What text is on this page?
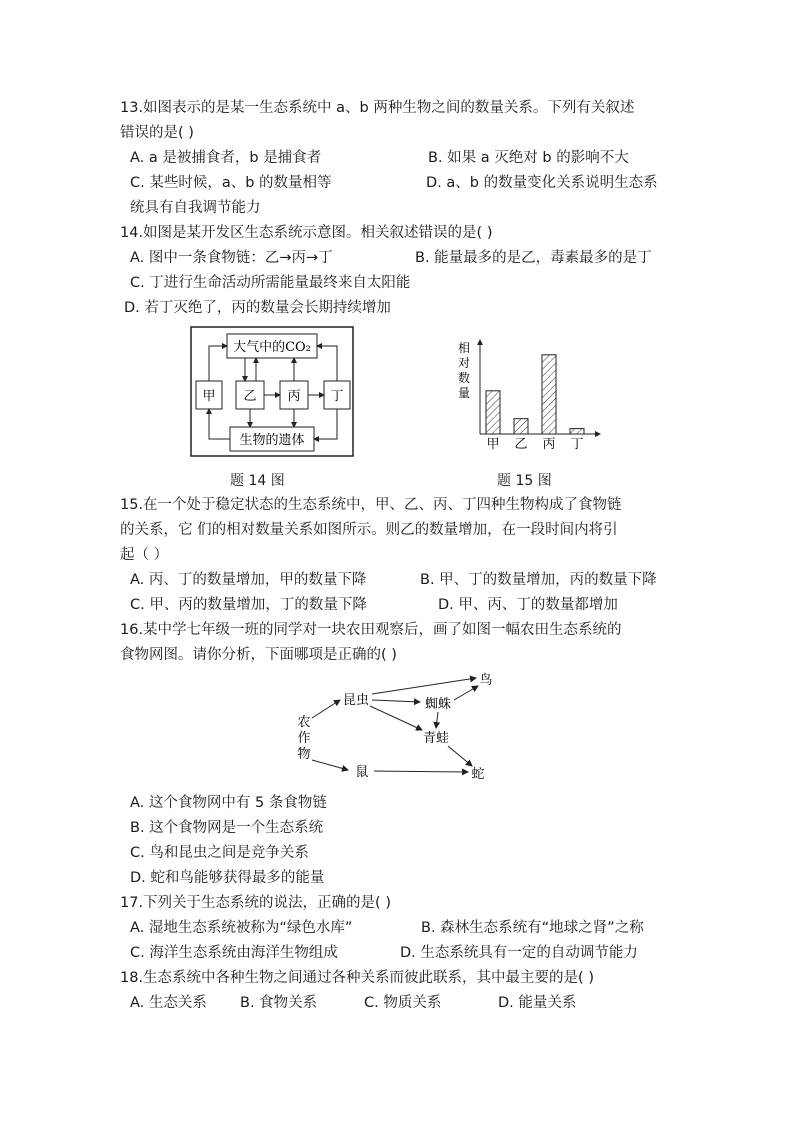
13.如图表示的是某一生态系统中 a、b 两种生物之间的数量关系。下列有关叙述
错误的是( )
A. a 是被捕食者，b 是捕食者	B. 如果 a 灭绝对 b 的影响不大
C. 某些时候，a、b 的数量相等	D. a、b 的数量变化关系说明生态系
统具有自我调节能力
14.如图是某开发区生态系统示意图。相关叙述错误的是( )
A. 图中一条食物链：乙→丙→丁	B. 能量最多的是乙，毒素最多的是丁
C. 丁进行生命活动所需能量最终来自太阳能
D. 若丁灭绝了，丙的数量会长期持续增加
大气中的CO₂
甲 乙 丙 丁
生物的遗体
题 14 图
相
对
数
量
甲 乙 丙 丁
题 15 图
15.在一个处于稳定状态的生态系统中，甲、乙、丙、丁四种生物构成了食物链
的关系，它 们的相对数量关系如图所示。则乙的数量增加，在一段时间内将引
起（ ）
A. 丙、丁的数量增加，甲的数量下降	B. 甲、丁的数量增加，丙的数量下降
C. 甲、丙的数量增加，丁的数量下降	D. 甲、丙、丁的数量都增加
16.某中学七年级一班的同学对一块农田观察后，画了如图一幅农田生态系统的
食物网图。请你分析，下面哪项是正确的( )
农
作
物
昆虫	蜘蛛
鸟
青蛙
鼠	蛇
A. 这个食物网中有 5 条食物链
B. 这个食物网是一个生态系统
C. 鸟和昆虫之间是竞争关系
D. 蛇和鸟能够获得最多的能量
17.下列关于生态系统的说法，正确的是( )
A. 湿地生态系统被称为“绿色水库”	B. 森林生态系统有“地球之肾”之称
C. 海洋生态系统由海洋生物组成	D. 生态系统具有一定的自动调节能力
18.生态系统中各种生物之间通过各种关系而彼此联系，其中最主要的是( )
A. 生态关系 B. 食物关系	C. 物质关系	D. 能量关系
